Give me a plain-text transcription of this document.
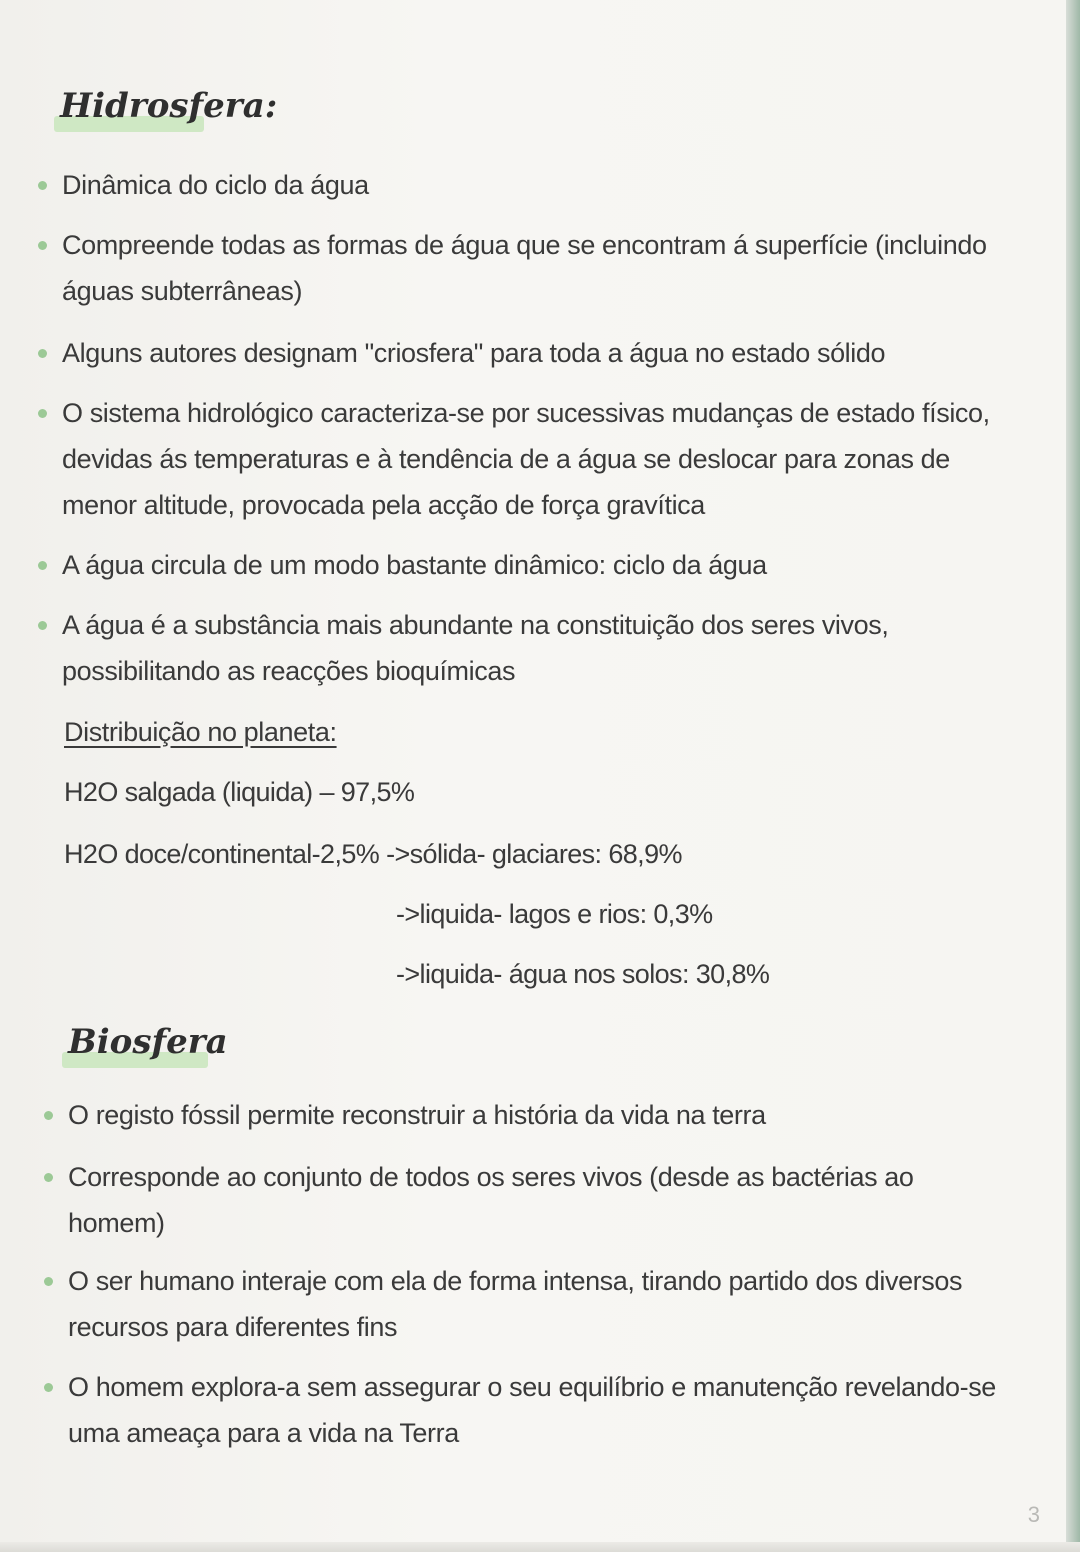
Hidrosfera:
Dinâmica do ciclo da água
Compreende todas as formas de água que se encontram á superfície (incluindo águas subterrâneas)
Alguns autores designam "criosfera" para toda a água no estado sólido
O sistema hidrológico caracteriza-se por sucessivas mudanças de estado físico, devidas ás temperaturas e à tendência de a água se deslocar para zonas de menor altitude, provocada pela acção de força gravítica
A água circula de um modo bastante dinâmico: ciclo da água
A água é a substância mais abundante na constituição dos seres vivos, possibilitando as reacções bioquímicas
Distribuição no planeta:
H2O salgada (liquida) – 97,5%
H2O doce/continental-2,5% ->sólida- glaciares: 68,9%
->liquida- lagos e rios: 0,3%
->liquida- água nos solos: 30,8%
Biosfera
O registo fóssil permite reconstruir a história da vida na terra
Corresponde ao conjunto de todos os seres vivos (desde as bactérias ao homem)
O ser humano interaje com ela de forma intensa, tirando partido dos diversos recursos para diferentes fins
O homem explora-a sem assegurar o seu equilíbrio e manutenção revelando-se uma ameaça para a vida na Terra
3
